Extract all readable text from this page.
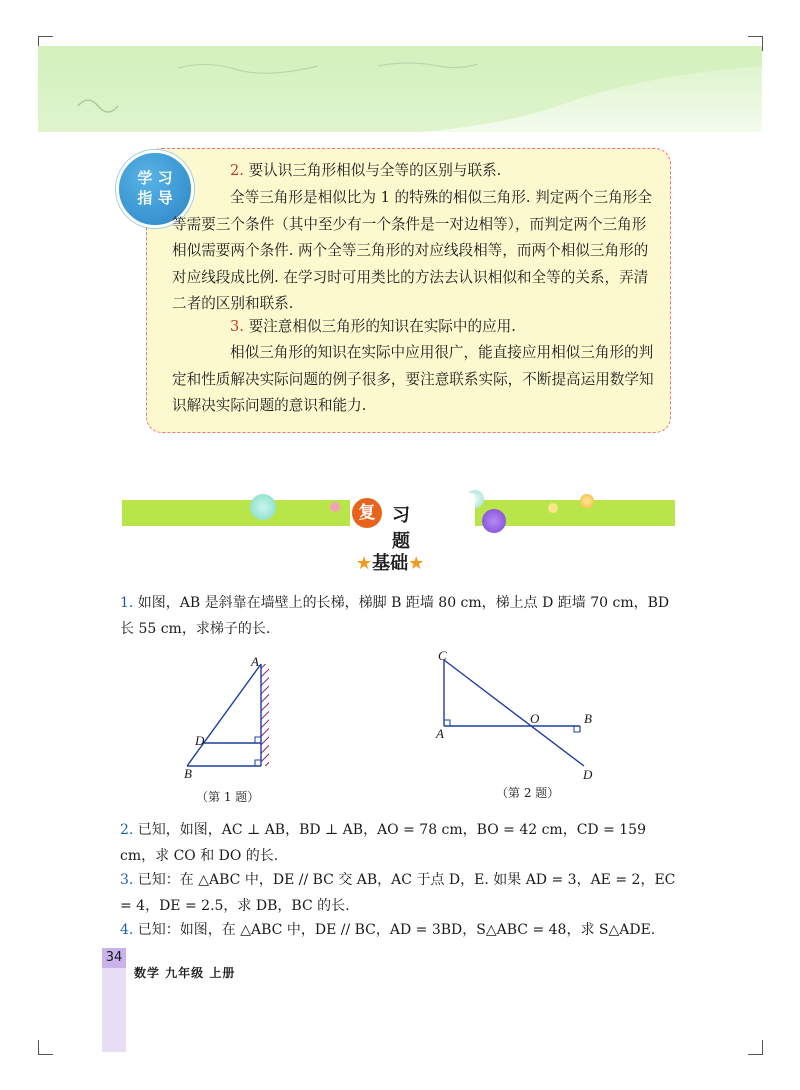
学 习
指 导

2. 要认识三角形相似与全等的区别与联系.

全等三角形是相似比为 1 的特殊的相似三角形. 判定两个三角形全等需要三个条件（其中至少有一个条件是一对边相等），而判定两个三角形相似需要两个条件. 两个全等三角形的对应线段相等，而两个相似三角形的对应线段成比例. 在学习时可用类比的方法去认识相似和全等的关系，弄清二者的区别和联系.

3. 要注意相似三角形的知识在实际中的应用.

相似三角形的知识在实际中应用很广，能直接应用相似三角形的判定和性质解决实际问题的例子很多，要注意联系实际，不断提高运用数学知识解决实际问题的意识和能力.

习 题
复
★基础★

1. 如图，AB 是斜靠在墙壁上的长梯，梯脚 B 距墙 80 cm，梯上点 D 距墙 70 cm，BD 长 55 cm，求梯子的长.

A
D
B
（第 1 题）
C
A
O	B
D
（第 2 题）

2. 已知，如图，AC ⊥ AB，BD ⊥ AB，AO = 78 cm，BO = 42 cm，CD = 159 cm，求 CO 和 DO 的长.

3. 已知：在 △ABC 中，DE // BC 交 AB，AC 于点 D，E. 如果 AD = 3，AE = 2，EC = 4，DE = 2.5，求 DB，BC 的长.

4. 已知：如图，在 △ABC 中，DE // BC，AD = 3BD，S△ABC = 48，求 S△ADE.

34
数学 九年级 上册
